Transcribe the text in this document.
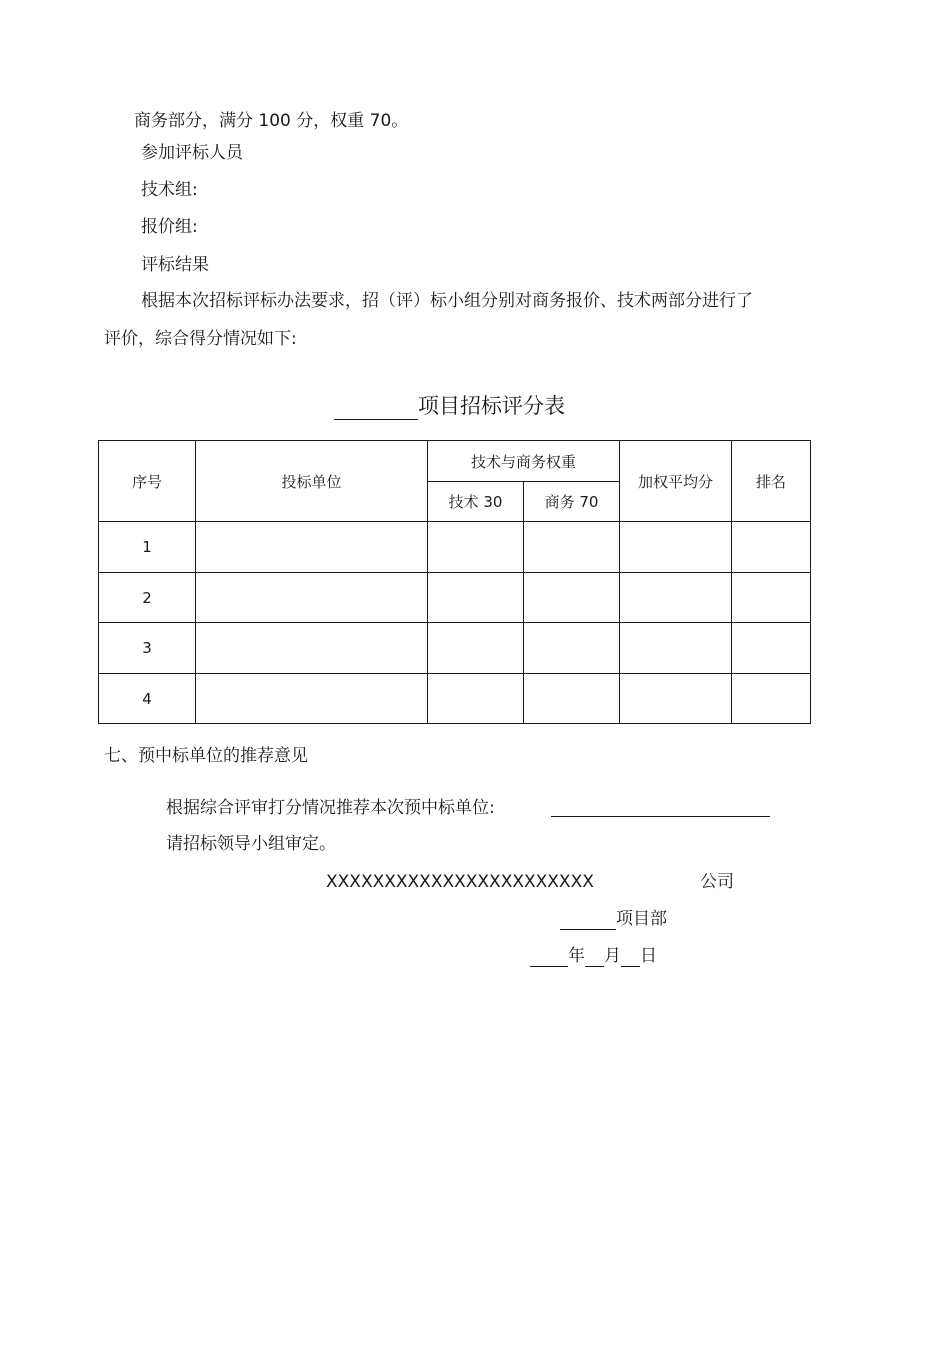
商务部分，满分 100 分，权重 70。
参加评标人员
技术组:
报价组:
评标结果
根据本次招标评标办法要求，招（评）标小组分别对商务报价、技术两部分进行了
评价，综合得分情况如下:
项目招标评分表
序号	投标单位	技术与商务权重		加权平均分	排名
		技术 30	商务 70		
1					
2					
3					
4					
七、预中标单位的推荐意见
根据综合评审打分情况推荐本次预中标单位:
请招标领导小组审定。
XXXXXXXXXXXXXXXXXXXXXXX	公司
项目部
年 月 日
